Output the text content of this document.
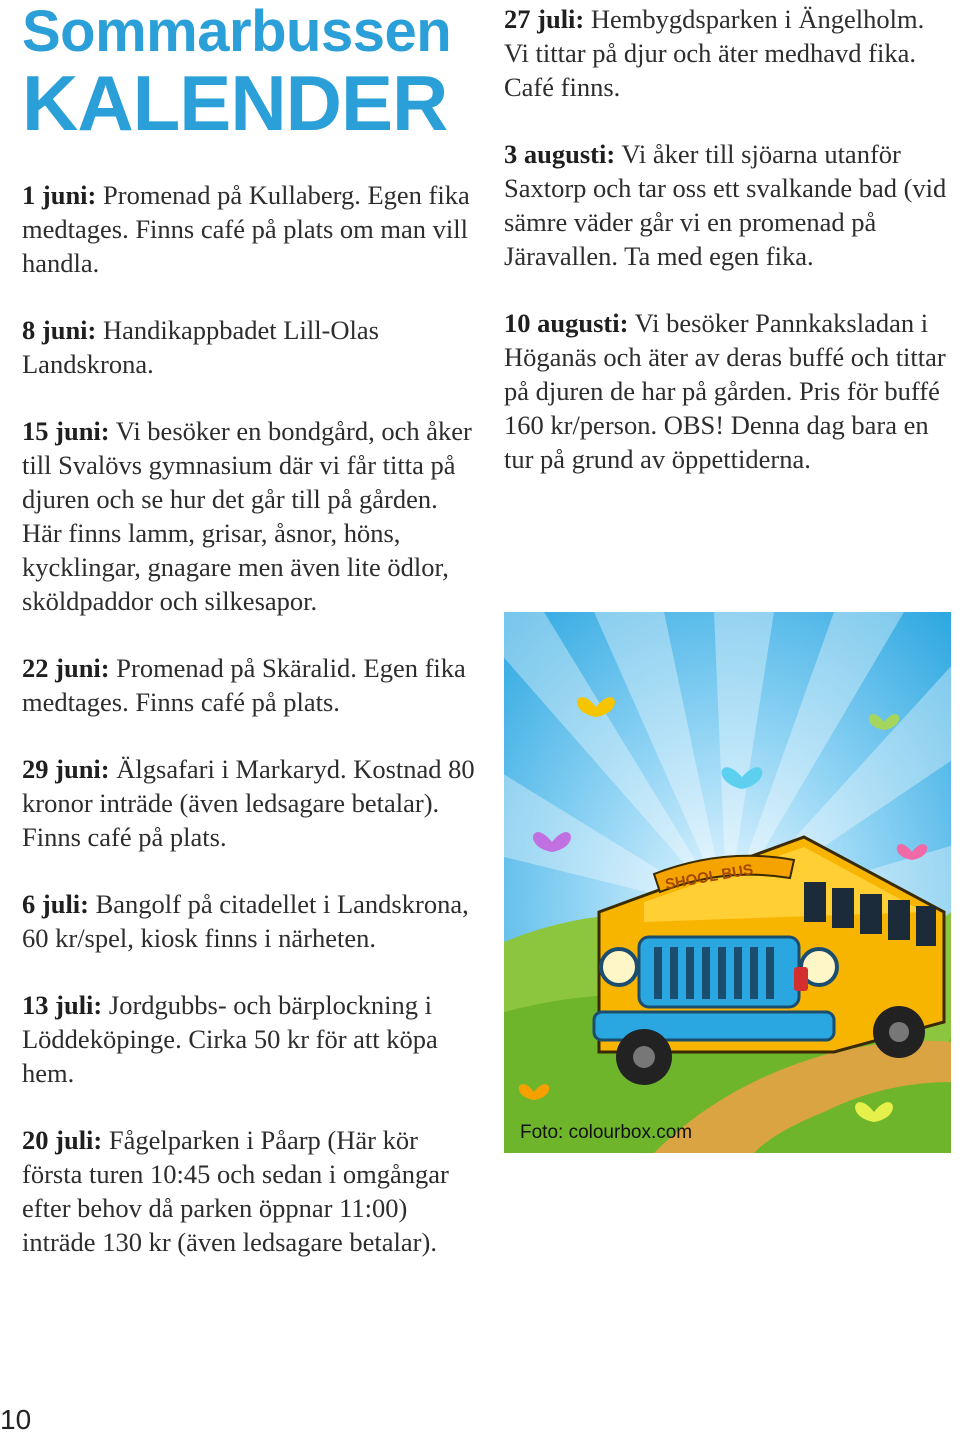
Sommarbussen
KALENDER

1 juni: Promenad på Kullaberg. Egen fika medtages. Finns café på plats om man vill handla.

8 juni: Handikappbadet Lill-Olas Landskrona.

15 juni: Vi besöker en bondgård, och åker till Svalövs gymnasium där vi får titta på djuren och se hur det går till på gården. Här finns lamm, grisar, åsnor, höns, kycklingar, gnagare men även lite ödlor, sköldpaddor och silkesapor.

22 juni: Promenad på Skäralid. Egen fika medtages. Finns café på plats.

29 juni: Älgsafari i Markaryd. Kostnad 80 kronor inträde (även ledsagare betalar). Finns café på plats.

6 juli: Bangolf på citadellet i Landskrona, 60 kr/spel, kiosk finns i närheten.

13 juli: Jordgubbs- och bärplockning i Löddeköpinge. Cirka 50 kr för att köpa hem.

20 juli: Fågelparken i Påarp (Här kör första turen 10:45 och sedan i omgångar efter behov då parken öppnar 11:00) inträde 130 kr (även ledsagare betalar).

27 juli: Hembygdsparken i Ängelholm. Vi tittar på djur och äter medhavd fika. Café finns.

3 augusti: Vi åker till sjöarna utanför Saxtorp och tar oss ett svalkande bad (vid sämre väder går vi en promenad på Järavallen. Ta med egen fika.

10 augusti: Vi besöker Pannkaksladan i Höganäs och äter av deras buffé och tittar på djuren de har på gården. Pris för buffé 160 kr/person. OBS! Denna dag bara en tur på grund av öppettiderna.

SHOOL BUS
Foto: colourbox.com
10
